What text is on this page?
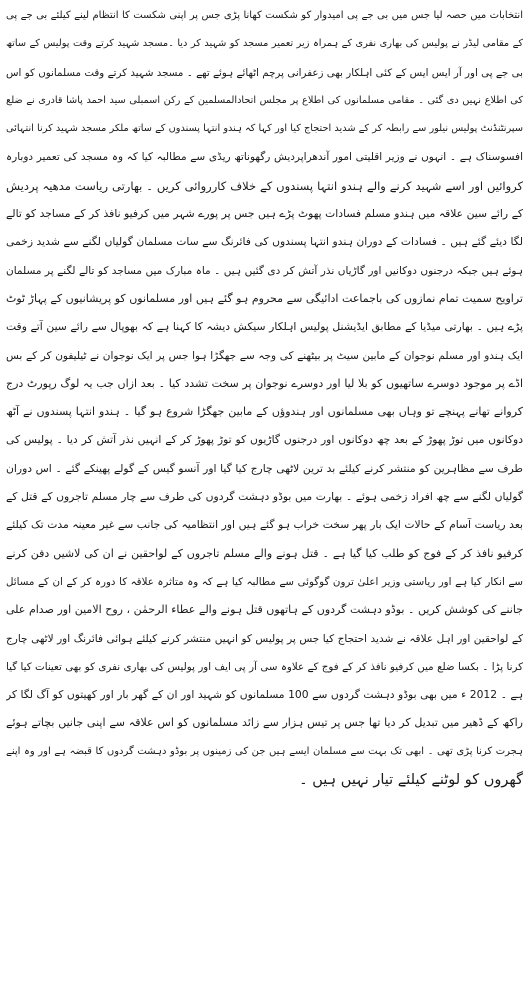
انتخابات میں حصہ لیا جس میں بی جے پی امیدوار کو شکست کھانا پڑی جس پر اپنی شکست کا انتظام لینے کیلئے بی جے پی
کے مقامی لیڈر نے پولیس کی بھاری نفری کے ہمراہ زیر تعمیر مسجد کو شہید کر دیا ۔مسجد شہید کرتے وقت پولیس کے ساتھ
بی جے پی اور آر ایس ایس کے کئی اہلکار بھی زعفرانی پرچم اٹھائے ہوئے تھے ۔ مسجد شہید کرتے وقت مسلمانوں کو اس
کی اطلاع نہیں دی گئی ۔ مقامی مسلمانوں کی اطلاع پر مجلس اتحادالمسلمین کے رکن اسمبلی سید احمد پاشا قادری نے ضلع
سپرنٹنڈنٹ پولیس نیلور سے رابطہ کر کے شدید احتجاج کیا اور کہا کہ ہندو انتہا پسندوں کے ساتھ ملکر مسجد شہید کرنا انتہائی
افسوسناک ہے ۔ انہوں نے وزیر اقلیتی امور آندھراپردیش رگھوناتھ ریڈی سے مطالبہ کیا کہ وہ مسجد کی تعمیر دوبارہ
کروائیں اور اسے شہید کرنے والے ہندو انتہا پسندوں کے خلاف کارروائی کریں ۔ بھارتی ریاست مدھیہ پردیش
کے رائے سین علاقہ میں ہندو مسلم فسادات پھوٹ پڑے ہیں جس پر پورے شہر میں کرفیو نافذ کر کے مساجد کو تالے
لگا دیئے گئے ہیں ۔ فسادات کے دوران ہندو انتہا پسندوں کی فائرنگ سے سات مسلمان گولیاں لگنے سے شدید زخمی
ہوئے ہیں جبکہ درجنوں دوکانیں اور گاڑیاں نذر آتش کر دی گئیں ہیں ۔ ماہ مبارک میں مساجد کو تالے لگنے پر مسلمان
تراویح سمیت تمام نمازوں کی باجماعت ادائیگی سے محروم ہو گئے ہیں اور مسلمانوں کو پریشانیوں کے پہاڑ ٹوٹ
پڑے ہیں ۔ بھارتی میڈیا کے مطابق ایڈیشنل پولیس اہلکار سیکش دیشہ کا کہنا ہے کہ بھوپال سے رائے سین آتے وقت
ایک ہندو اور مسلم نوجوان کے مابین سیٹ پر بیٹھنے کی وجہ سے جھگڑا ہوا جس پر ایک نوجوان نے ٹیلیفون کر کے بس
اڈے پر موجود دوسرے ساتھیوں کو بلا لیا اور دوسرے نوجوان پر سخت تشدد کیا ۔ بعد ازاں جب یہ لوگ رپورٹ درج
کروانے تھانے پہنچے تو وہاں بھی مسلمانوں اور ہندوؤں کے مابین جھگڑا شروع ہو گیا ۔ ہندو انتہا پسندوں نے آٹھ
دوکانوں میں توڑ پھوڑ کے بعد چھ دوکانوں اور درجنوں گاڑیوں کو توڑ پھوڑ کر کے انہیں نذر آتش کر دیا ۔ پولیس کی
طرف سے مظاہرین کو منتشر کرنے کیلئے بد ترین لاٹھی چارج کیا گیا اور آنسو گیس کے گولے پھینکے گئے ۔ اس دوران
گولیاں لگنے سے چھ افراد زخمی ہوئے ۔ بھارت میں بوڈو دہشت گردوں کی طرف سے چار مسلم تاجروں کے قتل کے
بعد ریاست آسام کے حالات ایک بار پھر سخت خراب ہو گئے ہیں اور انتظامیہ کی جانب سے غیر معینہ مدت تک کیلئے
کرفیو نافذ کر کے فوج کو طلب کیا گیا ہے ۔ قتل ہونے والے مسلم تاجروں کے لواحقین نے ان کی لاشیں دفن کرنے
سے انکار کیا ہے اور ریاستی وزیر اعلیٰ ترون گوگوئی سے مطالبہ کیا ہے کہ وہ متاثرہ علاقہ کا دورہ کر کے ان کے مسائل
جاننے کی کوشش کریں ۔ بوڈو دہشت گردوں کے ہاتھوں قتل ہونے والے عطاء الرحمٰن ، روح الامین اور صدام علی
کے لواحقین اور اہل علاقہ نے شدید احتجاج کیا جس پر پولیس کو انہیں منتشر کرنے کیلئے ہوائی فائرنگ اور لاٹھی چارج
کرنا پڑا ۔ بکسا ضلع میں کرفیو نافذ کر کے فوج کے علاوہ سی آر پی ایف اور پولیس کی بھاری نفری کو بھی تعینات کیا گیا
ہے ۔ 2012 ء میں بھی بوڈو دہشت گردوں سے 100 مسلمانوں کو شہید اور ان کے گھر بار اور کھیتوں کو آگ لگا کر
راکھ کے ڈھیر میں تبدیل کر دیا تھا جس پر تیس ہزار سے زائد مسلمانوں کو اس علاقہ سے اپنی جانیں بچاتے ہوئے
ہجرت کرنا پڑی تھی ۔ ابھی تک بہت سے مسلمان ایسے ہیں جن کی زمینوں پر بوڈو دہشت گردوں کا قبضہ ہے اور وہ اپنے
گھروں کو لوٹنے کیلئے تیار نہیں ہیں ۔
